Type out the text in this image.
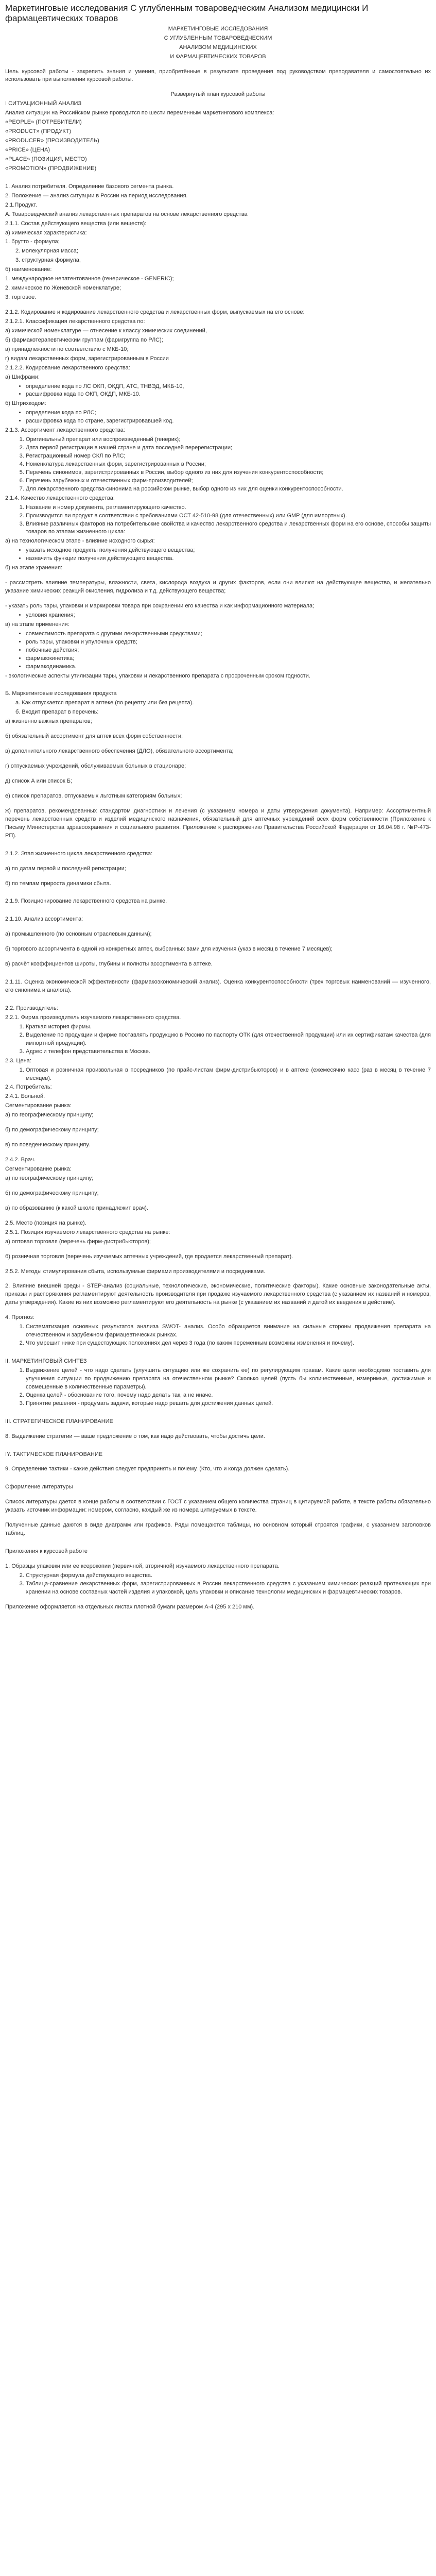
Маркетинговые исследования С углубленным товароведческим Анализом медицински И фармацевтических товаров

МАРКЕТИНГОВЫЕ ИССЛЕДОВАНИЯ

С УГЛУБЛЕННЫМ ТОВАРОВЕДЧЕСКИМ

АНАЛИЗОМ МЕДИЦИНСКИХ

И ФАРМАЦЕВТИЧЕСКИХ ТОВАРОВ

Цель курсовой работы - закрепить знания и умения, приобретённые в результате проведения под руководством преподавателя и самостоятельно их использовать при выполнении курсовой работы.

Развернутый план курсовой работы

I СИТУАЦИОННЫЙ АНАЛИЗ

Анализ ситуации на Российском рынке проводится по шести переменным маркетингового комплекса:

«PEOPLE» (ПОТРЕБИТЕЛИ)

«PRODUCT» (ПРОДУКТ)

«PRODUCER» (ПРОИЗВОДИТЕЛЬ)

«PRICE» (ЦЕНА)

«PLACE» (ПОЗИЦИЯ, МЕСТО)

«PROMOTION» (ПРОДВИЖЕНИЕ)

1. Анализ потребителя. Определение базового сегмента рынка.

2. Положение — анализ ситуации в России на период исследования.

2.1.Продукт.

А. Товароведческий анализ лекарственных препаратов на основе лекарственного средства

2.1.1. Состав действующего вещества (или веществ):

а) химическая характеристика:

1. брутто - формула;

2. молекулярная масса;

3. структурная формула,

б) наименование:

1. международное непатентованное (генерическое - GENERIC);

2. химическое по Женевской номенклатуре;

3. торговое.

2.1.2. Кодирование и кодирование лекарственного средства и лекарственных форм, выпускаемых на его основе:

2.1.2.1. Классификация лекарственного средства по:

а) химической номенклатуре — отнесение к классу химических соединений,

б) фармакотерапевтическим группам (фармгруппа по РЛС);

в) принадлежности по соответствию с МКБ-10;

г) видам лекарственных форм, зарегистрированным в России

2.1.2.2. Кодирование лекарственного средства:

а) Шифрами:

• определение кода по ЛС ОКП, ОКДП, АТС, ТНВЭД, МКБ-10,
• расшифровка кода по ОКП, ОКДП, МКБ-10.

б) Штрихкодом:

• определение кода по РЛС;
• расшифровка кода по стране, зарегистрировавшей код.

2.1.3. Ассортимент лекарственного средства:

1. Оригинальный препарат или воспроизведенный (генерик);
2. Дата первой регистрации в нашей стране и дата последней перерегистрации;
3. Регистрационный номер СКЛ по РЛС;
4. Номенклатура лекарственных форм, зарегистрированных в России;
5. Перечень синонимов, зарегистрированных в России, выбор одного из них для изучения конкурентоспособности;
6. Перечень зарубежных и отечественных фирм-производителей;
7. Для лекарственного средства-синонима на российском рынке, выбор одного из них для оценки конкурентоспособности.

2.1.4. Качество лекарственного средства:

1. Название и номер документа, регламентирующего качество.
2. Производится ли продукт в соответствии с требованиями ОСТ 42-510-98 (для отечественных) или GMP (для импортных).
3. Влияние различных факторов на потребительские свойства и качество лекарственного средства и лекарственных форм на его основе, способы защиты товаров по этапам жизненного цикла:

а) на технологическом этапе - влияние исходного сырья:

• указать исходное продукты получения действующего вещества;
• назначить функции получения действующего вещества.

б) на этапе хранения:

- рассмотреть влияние температуры, влажности, света, кислорода воздуха и других факторов, если они влияют на действующее вещество, и желательно указание химических реакций окисления, гидролиза и т.д. действующего вещества;

- указать роль тары, упаковки и маркировки товара при сохранении его качества и как информационного материала;

• условия хранения;

в) на этапе применения:

• совместимость препарата с другими лекарственными средствами;
• роль тары, упаковки и упулочных средств;
• побочные действия;
• фармакокинетика;
• фармакодинамика.

- экологические аспекты утилизации тары, упаковки и лекарственного препарата с просроченным сроком годности.

Б. Маркетинговые исследования продукта

а. Как отпускается препарат в аптеке (по рецепту или без рецепта).

б. Входит препарат в перечень:

а) жизненно важных препаратов;

б) обязательный ассортимент для аптек всех форм собственности;

в) дополнительного лекарственного обеспечения (ДЛО), обязательного ассортимента;

г) отпускаемых учреждений, обслуживаемых больных в стационаре;

д) список А или список Б;

е) список препаратов, отпускаемых льготным категориям больных;

ж) препаратов, рекомендованных стандартом диагностики и лечения (с указанием номера и даты утверждения документа). Например: Ассортиментный перечень лекарственных средств и изделий медицинского назначения, обязательный для аптечных учреждений всех форм собственности (Приложение к Письму Министерства здравоохранения и социального развития. Приложение к распоряжению Правительства Российской Федерации от 16.04.98 г. №Р-473-РП).

2.1.2. Этап жизненного цикла лекарственного средства:

а) по датам первой и последней регистрации;

б) по темпам прироста динамики сбыта.

2.1.9. Позиционирование лекарственного средства на рынке.

2.1.10. Анализ ассортимента:

а) промышленного (по основным отраслевым данным);

б) торгового ассортимента в одной из конкретных аптек, выбранных вами для изучения (указ в месяц в течение 7 месяцев);

в) расчёт коэффициентов широты, глубины и полноты ассортимента в аптеке.

2.1.11. Оценка экономической эффективности (фармакоэкономический анализ). Оценка конкурентоспособности (трех торговых наименований — изученного, его синонима и аналога).

2.2. Производитель:

2.2.1. Фирма производитель изучаемого лекарственного средства.

1. Краткая история фирмы.
2. Выделение по продукции и фирме поставлять продукцию в Россию по паспорту ОТК (для отечественной продукции) или их сертификатам качества (для импортной продукции).
3. Адрес и телефон представительства в Москве.

2.3. Цена:

1. Оптовая и розничная произвольная в посредников (по прайс-листам фирм-дистрибьюторов) и в аптеке (ежемесячно касс (раз в месяц в течение 7 месяцев).

2.4. Потребитель:

2.4.1. Больной.

Сегментирование рынка:

а) по географическому принципу;

б) по демографическому принципу;

в) по поведенческому принципу.

2.4.2. Врач.

Сегментирование рынка:

а) по географическому принципу;

б) по демографическому принципу;

в) по образованию (к какой школе принадлежит врач).

2.5. Место (позиция на рынке).

2.5.1. Позиция изучаемого лекарственного средства на рынке:

а) оптовая торговля (перечень фирм-дистрибьюторов);

б) розничная торговля (перечень изучаемых аптечных учреждений, где продается лекарственный препарат).

2.5.2. Методы стимулирования сбыта, используемые фирмами производителями и посредниками.

2. Влияние внешней среды - STEP-анализ (социальные, технологические, экономические, политические факторы). Какие основные законодательные акты, приказы и распоряжения регламентируют деятельность производителя при продаже изучаемого лекарственного средства (с указанием их названий и номеров, даты утверждения). Какие из них возможно регламентируют его деятельность на рынке (с указанием их названий и датой их введения в действие).

4. Прогноз:

1. Систематизация основных результатов анализа SWOT- анализ. Особо обращается внимание на сильные стороны продвижения препарата на отечественном и зарубежном фармацевтических рынках.
2. Что умрешит ниже при существующих положениях дел через 3 года (по каким переменным возможны изменения и почему).

II. МАРКЕТИНГОВЫЙ СИНТЕЗ

1. Выдвижение целей - что надо сделать (улучшить ситуацию или же сохранить ее) по регулирующим правам. Какие цели необходимо поставить для улучшения ситуации по продвижению препарата на отечественном рынке? Сколько целей (пусть бы количественные, измеримые, достижимые и совмещенные в количественные параметры).
2. Оценка целей - обоснование того, почему надо делать так, а не иначе.
3. Принятие решения - продумать задачи, которые надо решать для достижения данных целей.

III. СТРАТЕГИЧЕСКОЕ ПЛАНИРОВАНИЕ

8. Выдвижение стратегии — ваше предложение о том, как надо действовать, чтобы достичь цели.

IY. ТАКТИЧЕСКОЕ ПЛАНИРОВАНИЕ

9. Определение тактики - какие действия следует предпринять и почему. (Кто, что и когда должен сделать).

Оформление литературы

Список литературы дается в конце работы в соответствии с ГОСТ с указанием общего количества страниц в цитируемой работе, в тексте работы обязательно указать источник информации: номером, согласно, каждый же из номера цитируемых в тексте.

Полученные данные даются в виде диаграмм или графиков. Ряды помещаются таблицы, но основном который строятся графики, с указанием заголовков таблиц.

Приложения к курсовой работе

1. Образцы упаковки или ее ксерокопии (первичной, вторичной) изучаемого лекарственного препарата.

2. Структурная формула действующего вещества.
3. Таблица-сравнение лекарственных форм, зарегистрированных в России лекарственного средства с указанием химических реакций протекающих при хранении на основе составных частей изделия и упаковкой, цель упаковки и описание технологии медицинских и фармацевтических товаров.

Приложение оформляется на отдельных листах плотной бумаги размером А-4 (295 х 210 мм).
